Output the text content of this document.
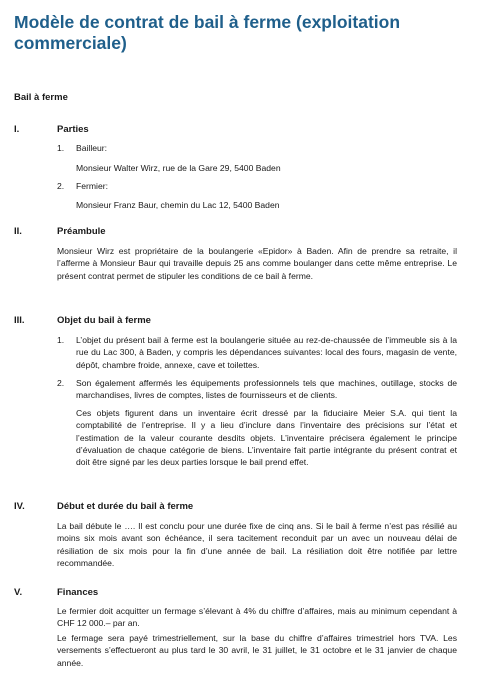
Modèle de contrat de bail à ferme (exploitation commerciale)

Bail à ferme

I.	Parties
1. Bailleur:

Monsieur Walter Wirz, rue de la Gare 29, 5400 Baden

2. Fermier:

Monsieur Franz Baur, chemin du Lac 12, 5400 Baden

II.	Préambule

Monsieur Wirz est propriétaire de la boulangerie «Epidor» à Baden. Afin de prendre sa retraite, il l’afferme à Monsieur Baur qui travaille depuis 25 ans comme boulanger dans cette même entreprise. Le présent contrat permet de stipuler les conditions de ce bail à ferme.

III.	Objet du bail à ferme
1. L’objet du présent bail à ferme est la boulangerie située au rez-de-chaussée de l’immeuble sis à la rue du Lac 300, à Baden, y compris les dépendances suivantes: local des fours, magasin de vente, dépôt, chambre froide, annexe, cave et toilettes.

2. Son également affermés les équipements professionnels tels que machines, outillage, stocks de marchandises, livres de comptes, listes de fournisseurs et de clients.

Ces objets figurent dans un inventaire écrit dressé par la fiduciaire Meier S.A. qui tient la comptabilité de l’entreprise. Il y a lieu d’inclure dans l’inventaire des précisions sur l’état et l’estimation de la valeur courante desdits objets. L’inventaire précisera également le principe d’évaluation de chaque catégorie de biens. L’inventaire fait partie intégrante du présent contrat et doit être signé par les deux parties lorsque le bail prend effet.

IV.	Début et durée du bail à ferme

La bail débute le …. Il est conclu pour une durée fixe de cinq ans. Si le bail à ferme n’est pas résilié au moins six mois avant son échéance, il sera tacitement reconduit par un avec un nouveau délai de résiliation de six mois pour la fin d’une année de bail. La résiliation doit être notifiée par lettre recommandée.

V.	Finances

Le fermier doit acquitter un fermage s’élevant à 4% du chiffre d’affaires, mais au minimum cependant à CHF 12 000.– par an.

Le fermage sera payé trimestriellement, sur la base du chiffre d’affaires trimestriel hors TVA. Les versements s’effectueront au plus tard le 30 avril, le 31 juillet, le 31 octobre et le 31 janvier de chaque année.
